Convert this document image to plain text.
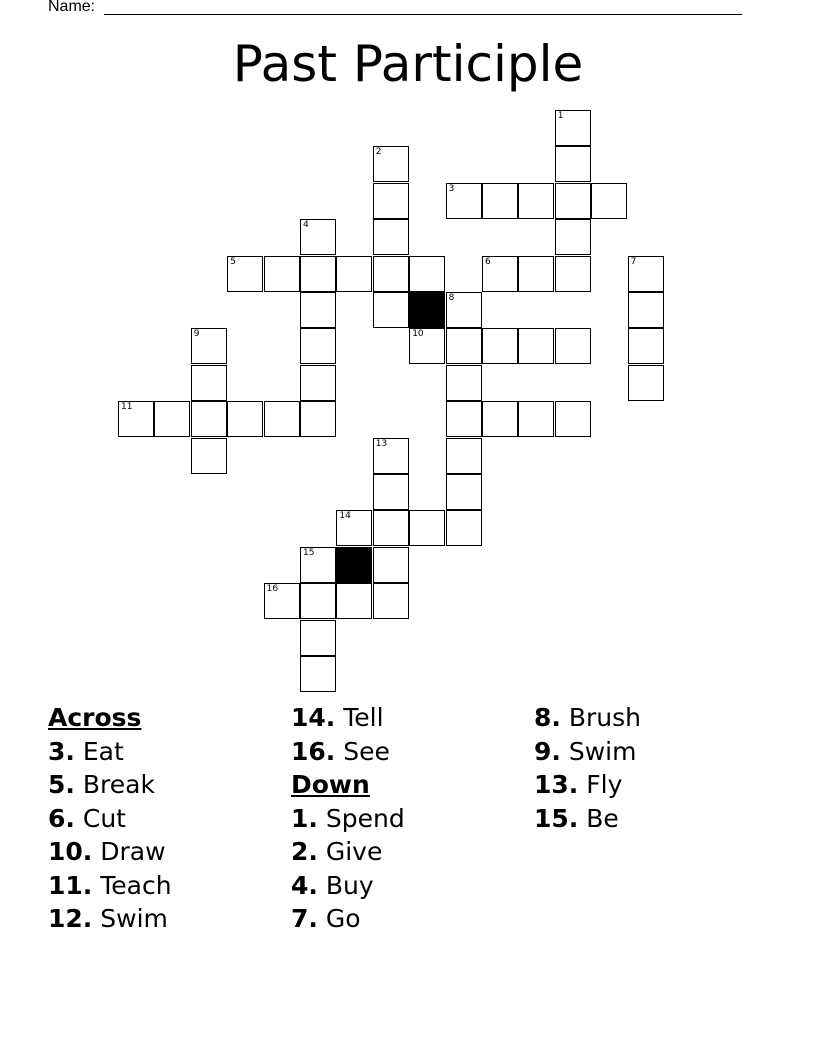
Name:
Past Participle
1
2
3
4
5	6	7
8
10
9
11
13
14
15
16
Across
3. Eat
5. Break
6. Cut
10. Draw
11. Teach
12. Swim
14. Tell
16. See
Down
1. Spend
2. Give
4. Buy
7. Go
8. Brush
9. Swim
13. Fly
15. Be
